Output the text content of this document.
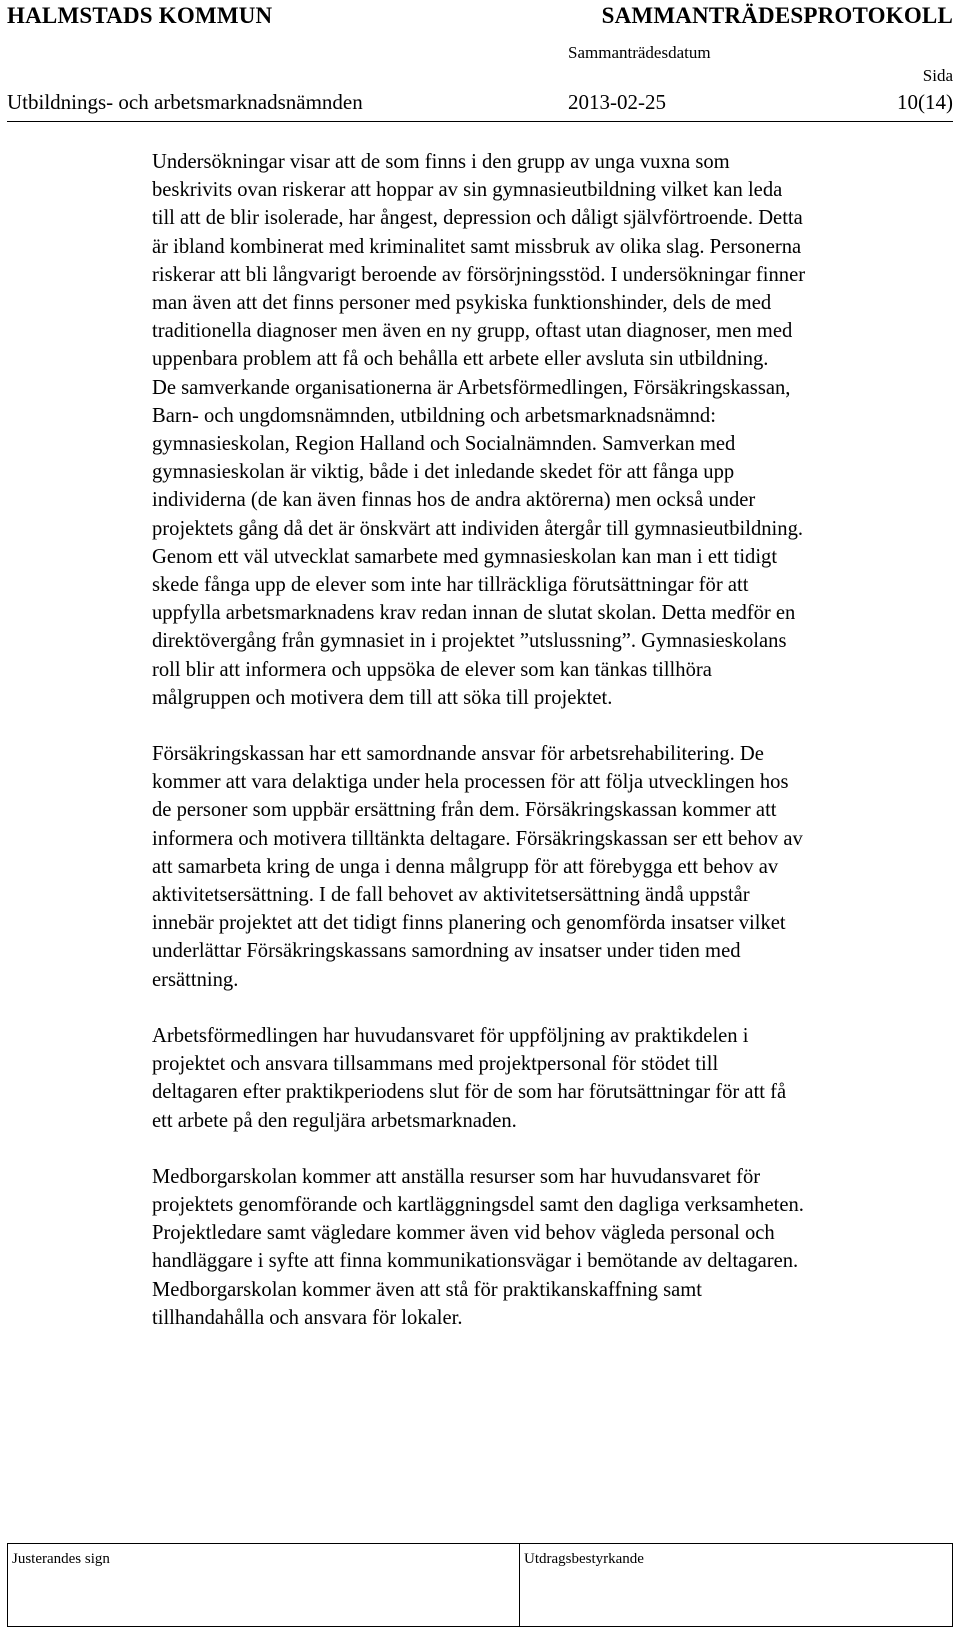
HALMSTADS KOMMUN	SAMMANTRÄDESPROTOKOLL
Sammanträdesdatum
Sida
Utbildnings- och arbetsmarknadsnämnden	2013-02-25	10(14)

Undersökningar visar att de som finns i den grupp av unga vuxna som
beskrivits ovan riskerar att hoppar av sin gymnasieutbildning vilket kan leda
till att de blir isolerade, har ångest, depression och dåligt självförtroende. Detta
är ibland kombinerat med kriminalitet samt missbruk av olika slag. Personerna
riskerar att bli långvarigt beroende av försörjningsstöd. I undersökningar finner
man även att det finns personer med psykiska funktionshinder, dels de med
traditionella diagnoser men även en ny grupp, oftast utan diagnoser, men med
uppenbara problem att få och behålla ett arbete eller avsluta sin utbildning.
De samverkande organisationerna är Arbetsförmedlingen, Försäkringskassan,
Barn- och ungdomsnämnden, utbildning och arbetsmarknadsnämnd:
gymnasieskolan, Region Halland och Socialnämnden. Samverkan med
gymnasieskolan är viktig, både i det inledande skedet för att fånga upp
individerna (de kan även finnas hos de andra aktörerna) men också under
projektets gång då det är önskvärt att individen återgår till gymnasieutbildning.
Genom ett väl utvecklat samarbete med gymnasieskolan kan man i ett tidigt
skede fånga upp de elever som inte har tillräckliga förutsättningar för att
uppfylla arbetsmarknadens krav redan innan de slutat skolan. Detta medför en
direktövergång från gymnasiet in i projektet ”utslussning”. Gymnasieskolans
roll blir att informera och uppsöka de elever som kan tänkas tillhöra
målgruppen och motivera dem till att söka till projektet.

Försäkringskassan har ett samordnande ansvar för arbetsrehabilitering. De
kommer att vara delaktiga under hela processen för att följa utvecklingen hos
de personer som uppbär ersättning från dem. Försäkringskassan kommer att
informera och motivera tilltänkta deltagare. Försäkringskassan ser ett behov av
att samarbeta kring de unga i denna målgrupp för att förebygga ett behov av
aktivitetsersättning. I de fall behovet av aktivitetsersättning ändå uppstår
innebär projektet att det tidigt finns planering och genomförda insatser vilket
underlättar Försäkringskassans samordning av insatser under tiden med
ersättning.

Arbetsförmedlingen har huvudansvaret för uppföljning av praktikdelen i
projektet och ansvara tillsammans med projektpersonal för stödet till
deltagaren efter praktikperiodens slut för de som har förutsättningar för att få
ett arbete på den reguljära arbetsmarknaden.

Medborgarskolan kommer att anställa resurser som har huvudansvaret för
projektets genomförande och kartläggningsdel samt den dagliga verksamheten.
Projektledare samt vägledare kommer även vid behov vägleda personal och
handläggare i syfte att finna kommunikationsvägar i bemötande av deltagaren.
Medborgarskolan kommer även att stå för praktikanskaffning samt
tillhandahålla och ansvara för lokaler.

Justerandes sign	Utdragsbestyrkande
